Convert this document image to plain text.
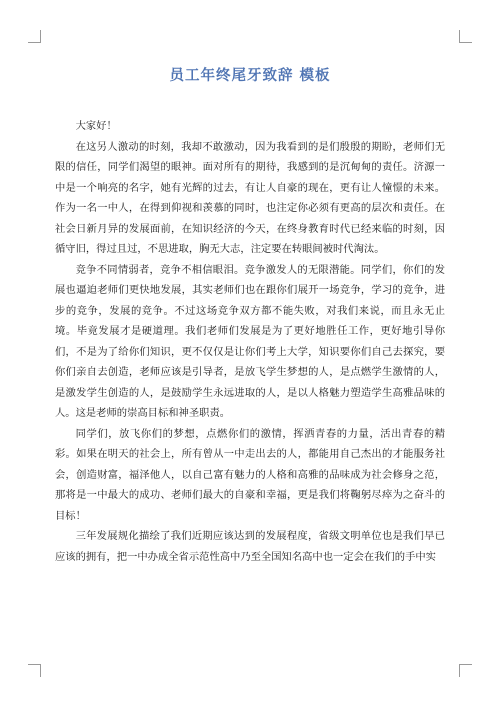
员工年终尾牙致辞 模板

大家好！

在这另人激动的时刻，我却不敢激动，因为我看到的是们殷殷的期盼，老师们无限的信任，同学们渴望的眼神。面对所有的期待，我感到的是沉甸甸的责任。济源一中是一个响亮的名字，她有光辉的过去，有让人自豪的现在，更有让人憧憬的未来。作为一名一中人，在得到仰视和羡慕的同时，也注定你必须有更高的层次和责任。在社会日新月异的发展面前，在知识经济的今天，在终身教育时代已经来临的时刻，因循守旧，得过且过，不思进取，胸无大志，注定要在转眼间被时代淘汰。

竞争不同情弱者，竞争不相信眼泪。竞争激发人的无限潜能。同学们，你们的发展也逼迫老师们更快地发展，其实老师们也在跟你们展开一场竞争，学习的竞争，进步的竞争，发展的竞争。不过这场竞争双方都不能失败，对我们来说，而且永无止境。毕竟发展才是硬道理。我们老师们发展是为了更好地胜任工作，更好地引导你们，不是为了给你们知识，更不仅仅是让你们考上大学，知识要你们自己去探究，要你们亲自去创造，老师应该是引导者，是放飞学生梦想的人，是点燃学生激情的人，是激发学生创造的人，是鼓励学生永远进取的人，是以人格魅力塑造学生高雅品味的人。这是老师的崇高目标和神圣职责。

同学们，放飞你们的梦想，点燃你们的激情，挥洒青春的力量，活出青春的精彩。如果在明天的社会上，所有曾从一中走出去的人，都能用自己杰出的才能服务社会，创造财富，福泽他人，以自己富有魅力的人格和高雅的品味成为社会修身之范，那将是一中最大的成功、老师们最大的自豪和幸福，更是我们将鞠躬尽瘁为之奋斗的目标！

三年发展规化描绘了我们近期应该达到的发展程度，省级文明单位也是我们早已应该的拥有，把一中办成全省示范性高中乃至全国知名高中也一定会在我们的手中实
